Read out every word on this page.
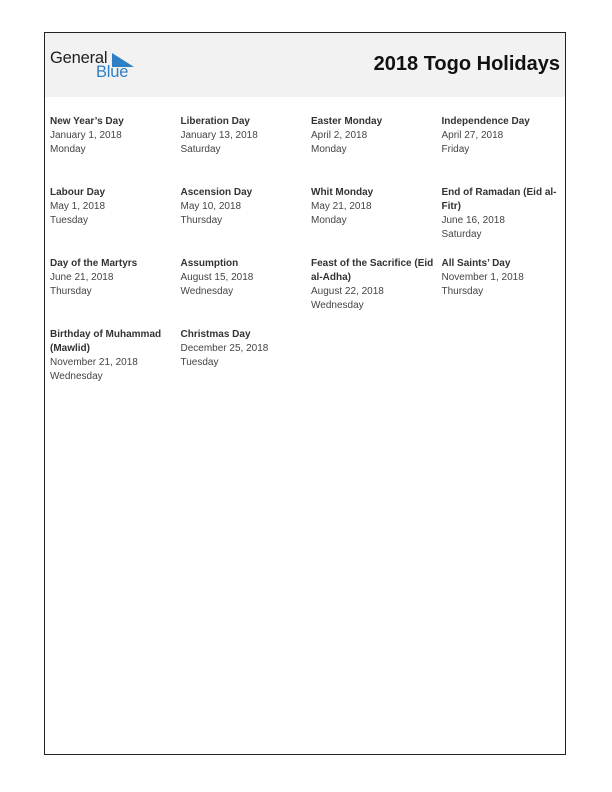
General
Blue	2018 Togo Holidays
New Year’s Day
January 1, 2018
Monday
Liberation Day
January 13, 2018
Saturday
Easter Monday
April 2, 2018
Monday
Independence Day
April 27, 2018
Friday
Labour Day
May 1, 2018
Tuesday
Ascension Day
May 10, 2018
Thursday
Whit Monday
May 21, 2018
Monday
End of Ramadan (Eid al-Fitr)
June 16, 2018
Saturday
Day of the Martyrs
June 21, 2018
Thursday
Assumption
August 15, 2018
Wednesday
Feast of the Sacrifice (Eid al-Adha)
August 22, 2018
Wednesday
All Saints’ Day
November 1, 2018
Thursday
Birthday of Muhammad (Mawlid)
November 21, 2018
Wednesday
Christmas Day
December 25, 2018
Tuesday
